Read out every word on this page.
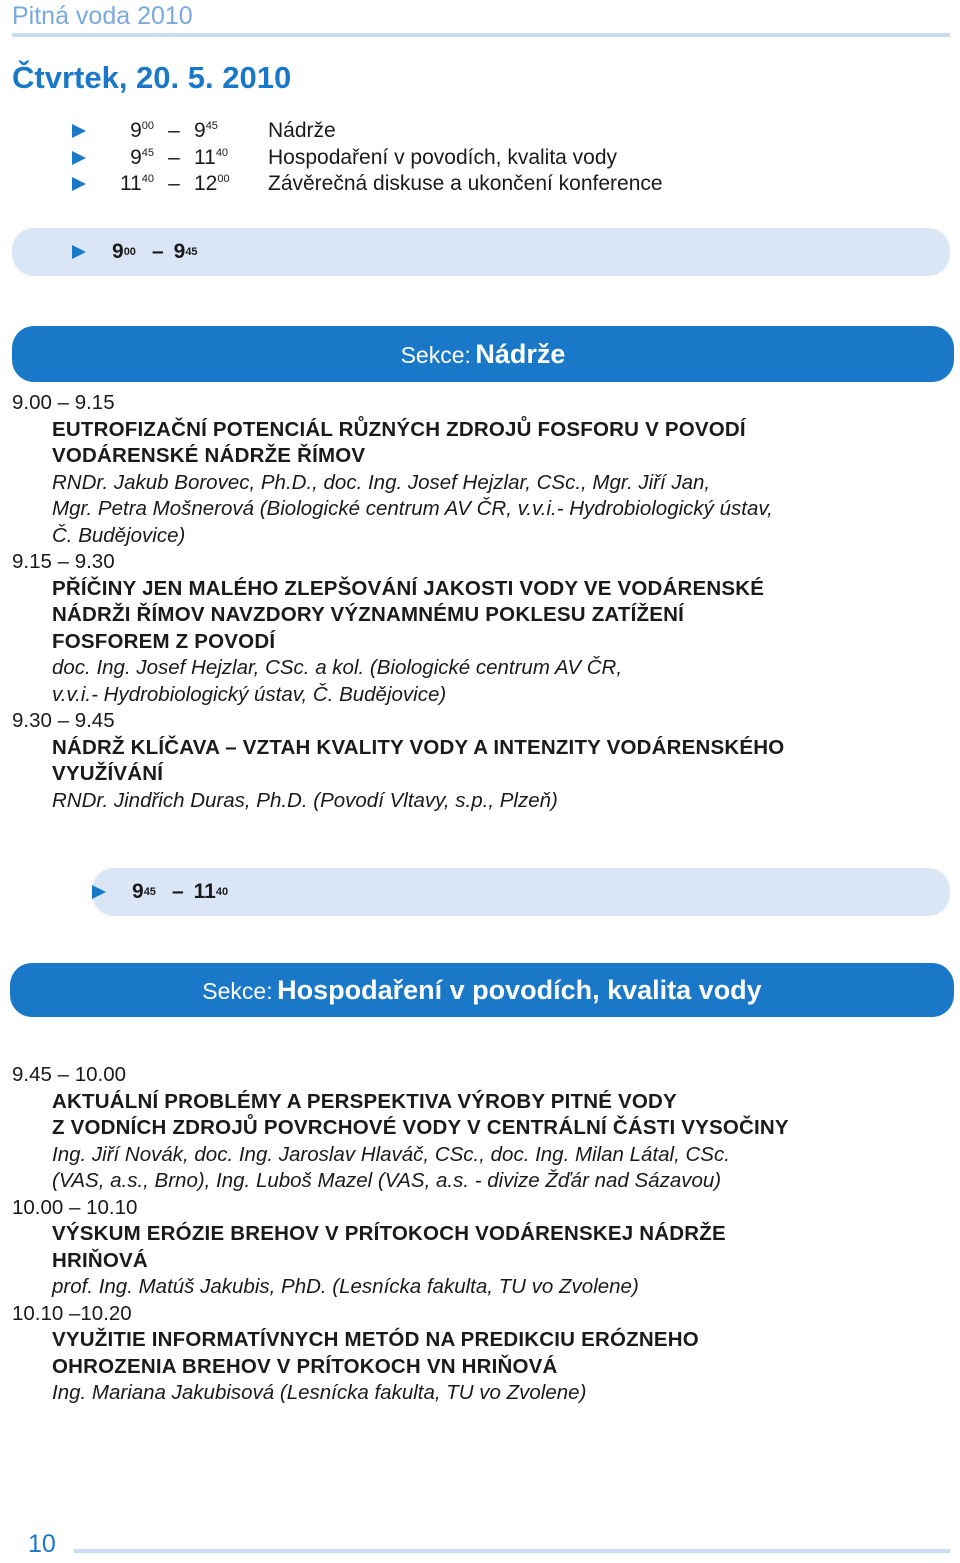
Pitná voda 2010
Čtvrtek, 20. 5. 2010
$9^{00} - 9^{45}$	Nádrže
$9^{45} - 11^{40}$	Hospodaření v povodích, kvalita vody
$11^{40} - 12^{00}$	Závěrečná diskuse a ukončení konference
9 00 – 9 45
Sekce: Nádrže
9.00 – 9.15
EUTROFIZAČNÍ POTENCIÁL RŮZNÝCH ZDROJŮ FOSFORU V POVODÍ
VODÁRENSKÉ NÁDRŽE ŘÍMOV
RNDr. Jakub Borovec, Ph.D., doc. Ing. Josef Hejzlar, CSc., Mgr. Jiří Jan,
Mgr. Petra Mošnerová (Biologické centrum AV ČR, v.v.i.- Hydrobiologický ústav,
Č. Budějovice)
9.15 – 9.30
PŘÍČINY JEN MALÉHO ZLEPŠOVÁNÍ JAKOSTI VODY VE VODÁRENSKÉ
NÁDRŽI ŘÍMOV NAVZDORY VÝZNAMNÉMU POKLESU ZATÍŽENÍ
FOSFOREM Z POVODÍ
doc. Ing. Josef Hejzlar, CSc. a kol. (Biologické centrum AV ČR,
v.v.i.- Hydrobiologický ústav, Č. Budějovice)
9.30 – 9.45
NÁDRŽ KLÍČAVA – VZTAH KVALITY VODY A INTENZITY VODÁRENSKÉHO
VYUŽÍVÁNÍ
RNDr. Jindřich Duras, Ph.D. (Povodí Vltavy, s.p., Plzeň)
9 45 – 11 40
Sekce: Hospodaření v povodích, kvalita vody
9.45 – 10.00
AKTUÁLNÍ PROBLÉMY A PERSPEKTIVA VÝROBY PITNÉ VODY
Z VODNÍCH ZDROJŮ POVRCHOVÉ VODY V CENTRÁLNÍ ČÁSTI VYSOČINY
Ing. Jiří Novák, doc. Ing. Jaroslav Hlaváč, CSc., doc. Ing. Milan Látal, CSc.
(VAS, a.s., Brno), Ing. Luboš Mazel (VAS, a.s. - divize Žďár nad Sázavou)
10.00 – 10.10
VÝSKUM ERÓZIE BREHOV V PRÍTOKOCH VODÁRENSKEJ NÁDRŽE
HRIŇOVÁ
prof. Ing. Matúš Jakubis, PhD. (Lesnícka fakulta, TU vo Zvolene)
10.10 –10.20
VYUŽITIE INFORMATÍVNYCH METÓD NA PREDIKCIU ERÓZNEHO
OHROZENIA BREHOV V PRÍTOKOCH VN HRIŇOVÁ
Ing. Mariana Jakubisová (Lesnícka fakulta, TU vo Zvolene)
10
